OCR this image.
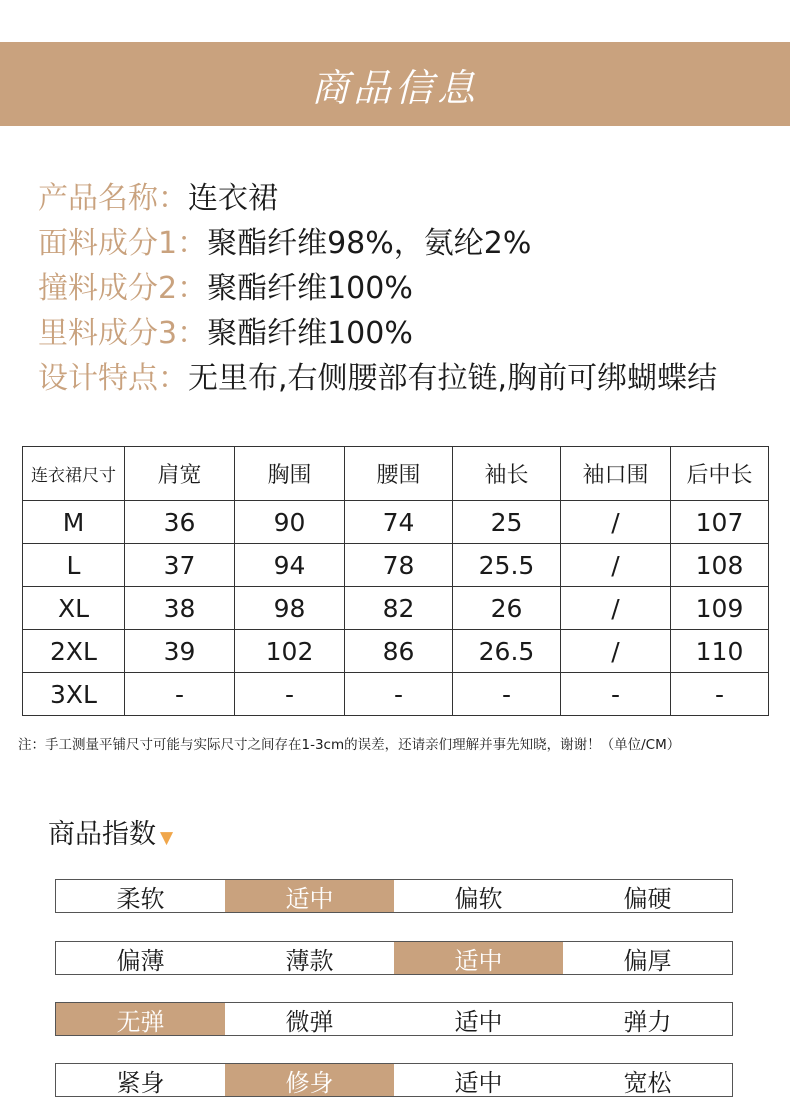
商品信息
产品名称：连衣裙
面料成分1：聚酯纤维98%，氨纶2%
撞料成分2：聚酯纤维100%
里料成分3：聚酯纤维100%
设计特点：无里布,右侧腰部有拉链,胸前可绑蝴蝶结
连衣裙尺寸	肩宽	胸围	腰围	袖长	袖口围	后中长
M	36	90	74	25	/	107
L	37	94	78	25.5	/	108
XL	38	98	82	26	/	109
2XL	39	102	86	26.5	/	110
3XL	-	-	-	-	-	-
注：手工测量平铺尺寸可能与实际尺寸之间存在1-3cm的误差，还请亲们理解并事先知晓，谢谢！（单位/CM）
商品指数 ▼
柔软	适中	偏软	偏硬
偏薄	薄款	适中	偏厚
无弹	微弹	适中	弹力
紧身	修身	适中	宽松
